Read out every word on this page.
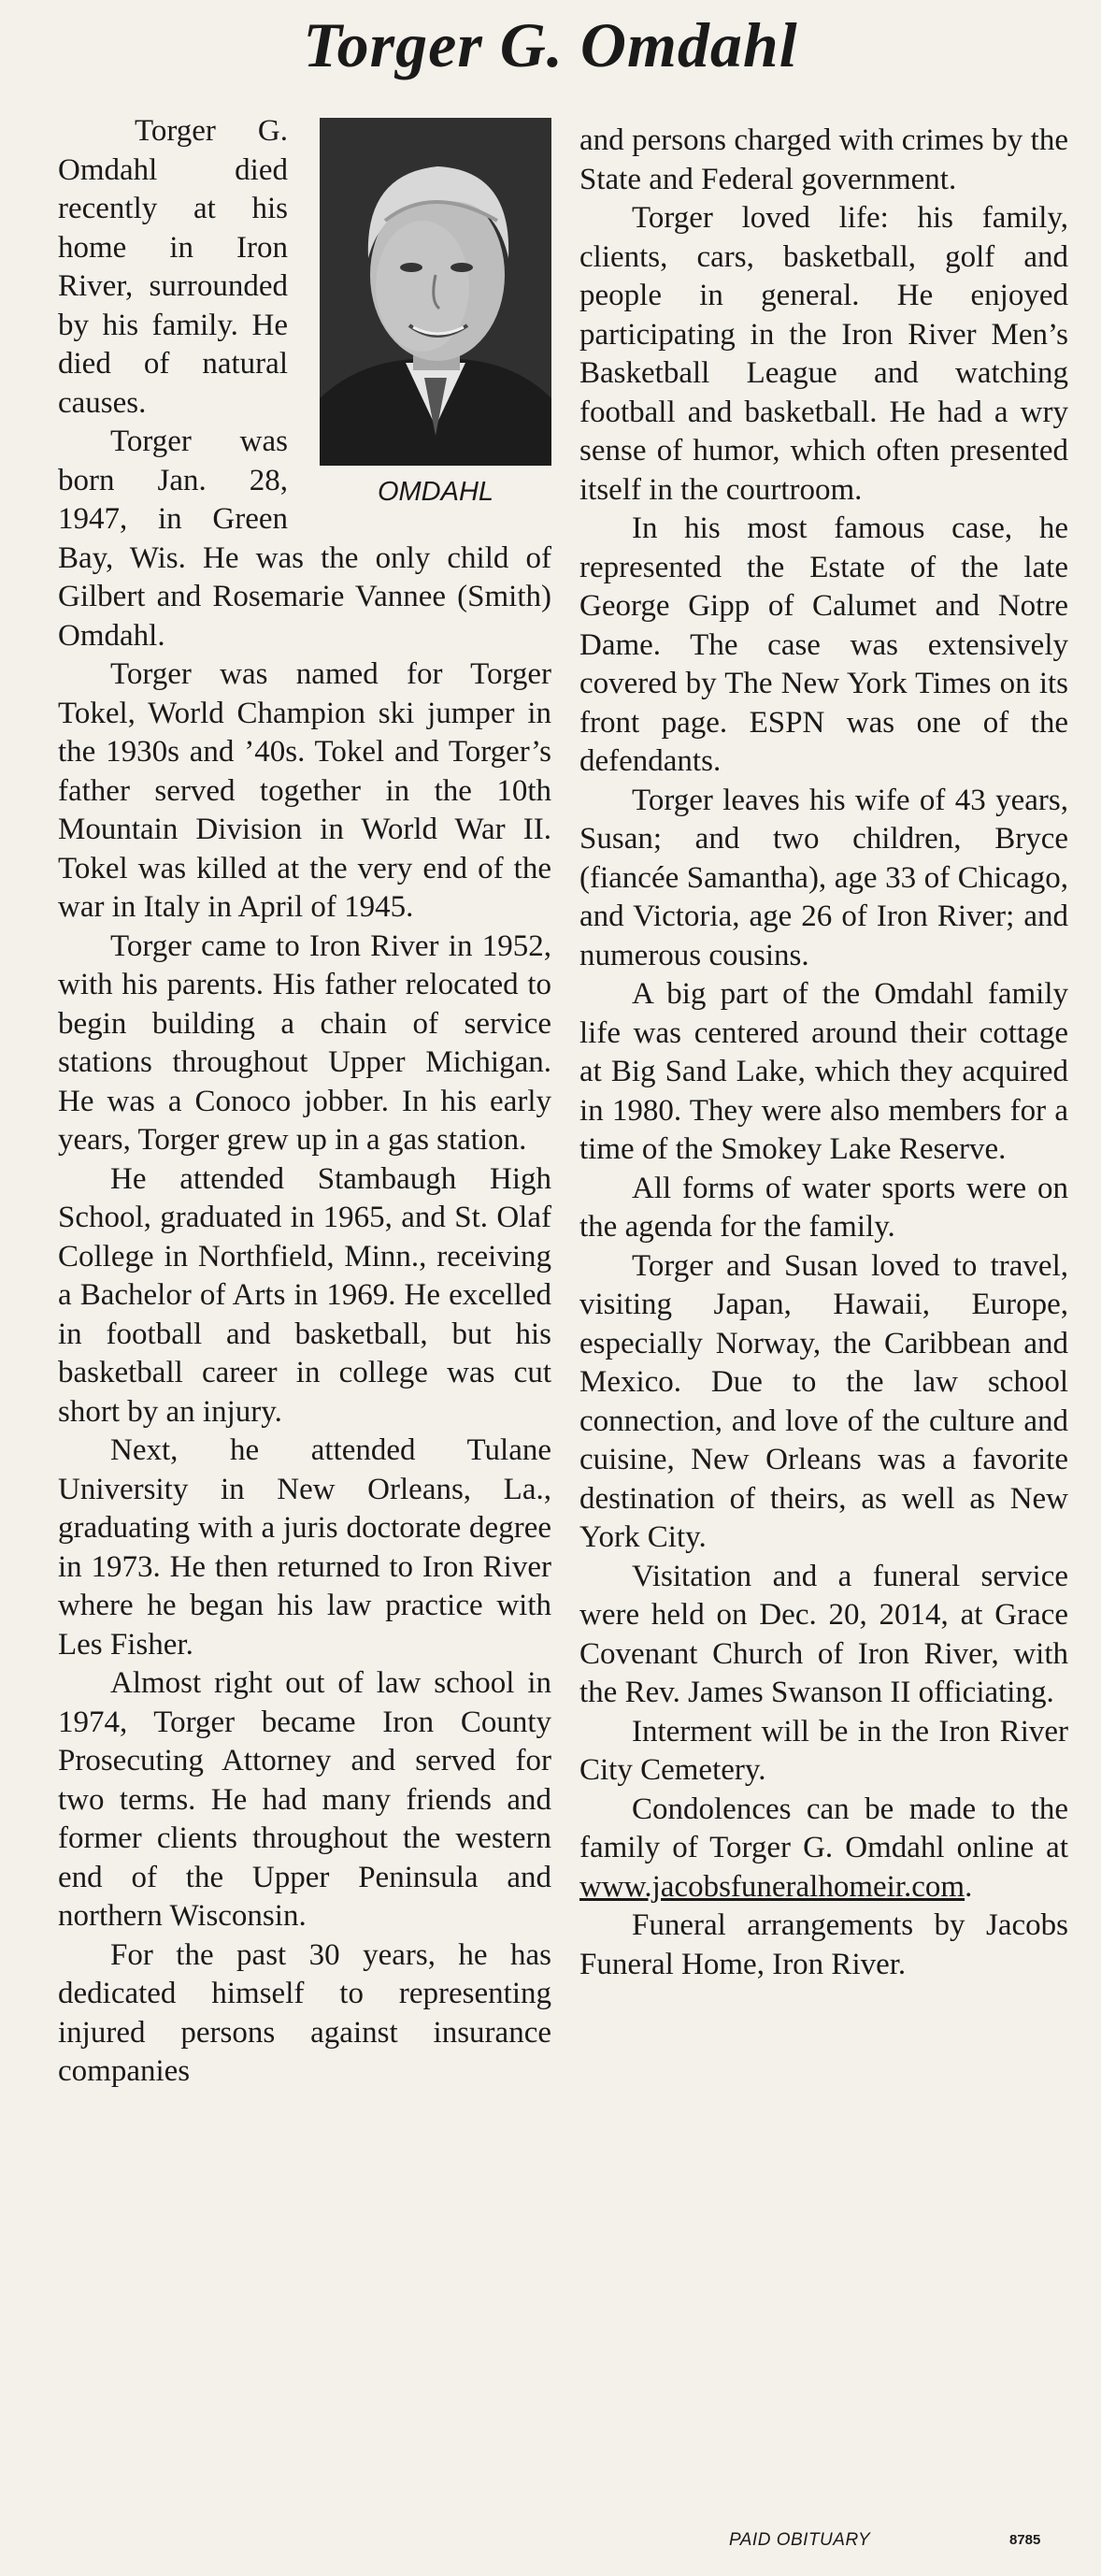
Torger G. Omdahl
OMDAHL

Torger G. Omdahl died recently at his home in Iron River, surrounded by his family. He died of natural causes.

Torger was born Jan. 28, 1947, in Green Bay, Wis. He was the only child of Gilbert and Rosemarie Vannee (Smith) Omdahl.

Torger was named for Torger Tokel, World Champion ski jumper in the 1930s and ’40s. Tokel and Torger’s father served together in the 10th Mountain Division in World War II. Tokel was killed at the very end of the war in Italy in April of 1945.

Torger came to Iron River in 1952, with his parents. His father relocated to begin building a chain of service stations throughout Upper Michigan. He was a Conoco jobber. In his early years, Torger grew up in a gas station.

He attended Stambaugh High School, graduated in 1965, and St. Olaf College in Northfield, Minn., receiving a Bachelor of Arts in 1969. He excelled in football and basketball, but his basketball career in college was cut short by an injury.

Next, he attended Tulane University in New Orleans, La., graduating with a juris doctorate degree in 1973. He then returned to Iron River where he began his law practice with Les Fisher.

Almost right out of law school in 1974, Torger became Iron County Prosecuting Attorney and served for two terms. He had many friends and former clients throughout the western end of the Upper Peninsula and northern Wisconsin.

For the past 30 years, he has dedicated himself to representing injured persons against insurance companies

and persons charged with crimes by the State and Federal government.

Torger loved life: his family, clients, cars, basketball, golf and people in general. He enjoyed participating in the Iron River Men’s Basketball League and watching football and basketball. He had a wry sense of humor, which often presented itself in the courtroom.

In his most famous case, he represented the Estate of the late George Gipp of Calumet and Notre Dame. The case was extensively covered by The New York Times on its front page. ESPN was one of the defendants.

Torger leaves his wife of 43 years, Susan; and two children, Bryce (fiancée Samantha), age 33 of Chicago, and Victoria, age 26 of Iron River; and numerous cousins.

A big part of the Omdahl family life was centered around their cottage at Big Sand Lake, which they acquired in 1980. They were also members for a time of the Smokey Lake Reserve.

All forms of water sports were on the agenda for the family.

Torger and Susan loved to travel, visiting Japan, Hawaii, Europe, especially Norway, the Caribbean and Mexico. Due to the law school connection, and love of the culture and cuisine, New Orleans was a favorite destination of theirs, as well as New York City.

Visitation and a funeral service were held on Dec. 20, 2014, at Grace Covenant Church of Iron River, with the Rev. James Swanson II officiating.

Interment will be in the Iron River City Cemetery.

Condolences can be made to the family of Torger G. Omdahl online at www.jacobsfuneralhomeir.com.

Funeral arrangements by Jacobs Funeral Home, Iron River.

PAID OBITUARY	8785
